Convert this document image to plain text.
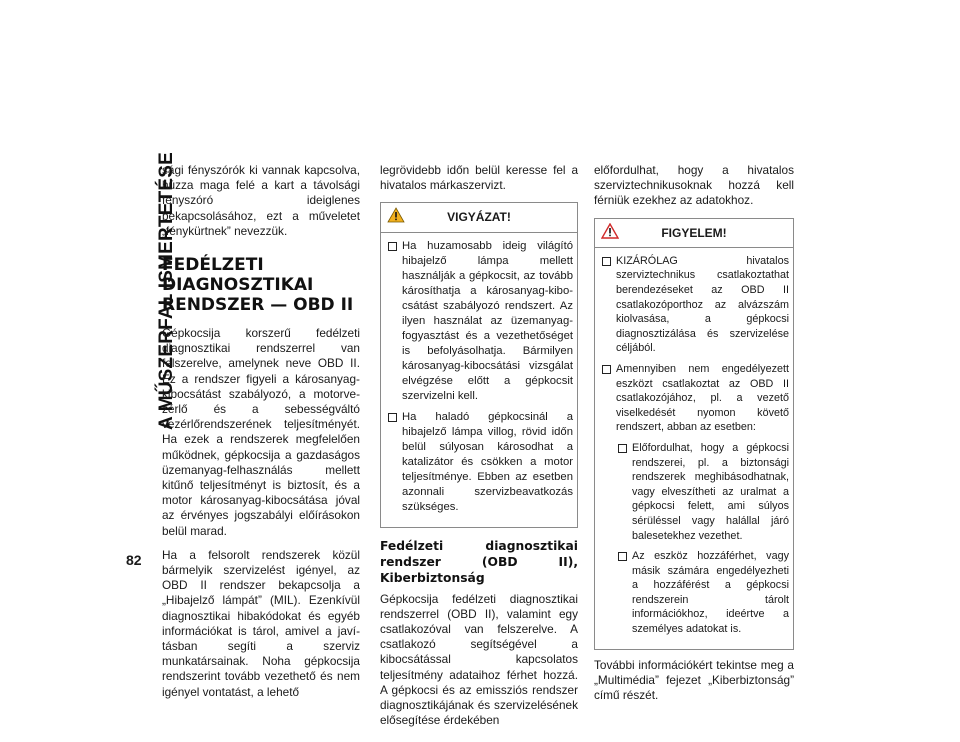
A MŰSZERFAL ISMERTETÉSE
82

sági fényszórók ki vannak kapcsolva, húzza maga felé a kart a távolsági fényszóró ideiglenes bekapcsolásához, ezt a műveletet „fénykürtnek” nevezzük.

FEDÉLZETI DIAGNOSZTIKAI RENDSZER — OBD II

Gépkocsija korszerű fedélzeti diagnosztikai rendszerrel van felszerelve, amelynek neve OBD II. Ez a rendszer figyeli a károsanyag-kibocsátást szabályozó, a motorvezérlő és a sebességváltó vezérlőrendszerének teljesítményét. Ha ezek a rendszerek megfelelően működnek, gépkocsija a gazdaságos üzemanyag-felhasználás mellett kitűnő teljesítményt is biztosít, és a motor károsanyag-kibocsátása jóval az érvényes jogszabályi előírásokon belül marad.

Ha a felsorolt rendszerek közül bármelyik szervizelést igényel, az OBD II rendszer bekapcsolja a „Hibajelző lámpát” (MIL). Ezenkívül diagnosztikai hibakódokat és egyéb információkat is tárol, amivel a javításban segíti a szerviz munkatársainak. Noha gépkocsija rendszerint tovább vezethető és nem igényel vontatást, a lehető

legrövidebb időn belül keresse fel a hivatalos márkaszervizt.

VIGYÁZAT!
Ha huzamosabb ideig világító hibajelző lámpa mellett használják a gépkocsit, az tovább károsíthatja a károsanyag-kibocsátást szabályozó rendszert. Az ilyen használat az üzemanyag-fogyasztást és a vezethetőséget is befolyásolhatja. Bármilyen károsanyag-kibocsátási vizsgálat elvégzése előtt a gépkocsit szervizelni kell.
Ha haladó gépkocsinál a hibajelző lámpa villog, rövid időn belül súlyosan károsodhat a katalizátor és csökken a motor teljesítménye. Ebben az esetben azonnali szervizbeavatkozás szükséges.
Fedélzeti diagnosztikai rendszer (OBD II), Kiberbiztonság

Gépkocsija fedélzeti diagnosztikai rendszerrel (OBD II), valamint egy csatlakozóval van felszerelve. A csatlakozó segítségével a kibocsátással kapcsolatos teljesítmény adataihoz férhet hozzá. A gépkocsi és az emissziós rendszer diagnosztikájának és szervizelésének elősegítése érdekében

előfordulhat, hogy a hivatalos szerviztechnikusoknak hozzá kell férniük ezekhez az adatokhoz.

FIGYELEM!
KIZÁRÓLAG hivatalos szerviztechnikus csatlakoztathat berendezéseket az OBD II csatlakozóporthoz az alvázszám kiolvasása, a gépkocsi diagnosztizálása és szervizelése céljából.
Amennyiben nem engedélyezett eszközt csatlakoztat az OBD II csatlakozójához, pl. a vezető viselkedését nyomon követő rendszert, abban az esetben:
Előfordulhat, hogy a gépkocsi rendszerei, pl. a biztonsági rendszerek meghibásodhatnak, vagy elveszítheti az uralmat a gépkocsi felett, ami súlyos sérüléssel vagy halállal járó balesetekhez vezethet.
Az eszköz hozzáférhet, vagy másik számára engedélyezheti a hozzáférést a gépkocsi rendszerein tárolt információkhoz, ideértve a személyes adatokat is.

További információkért tekintse meg a „Multimédia” fejezet „Kiberbiztonság” című részét.
